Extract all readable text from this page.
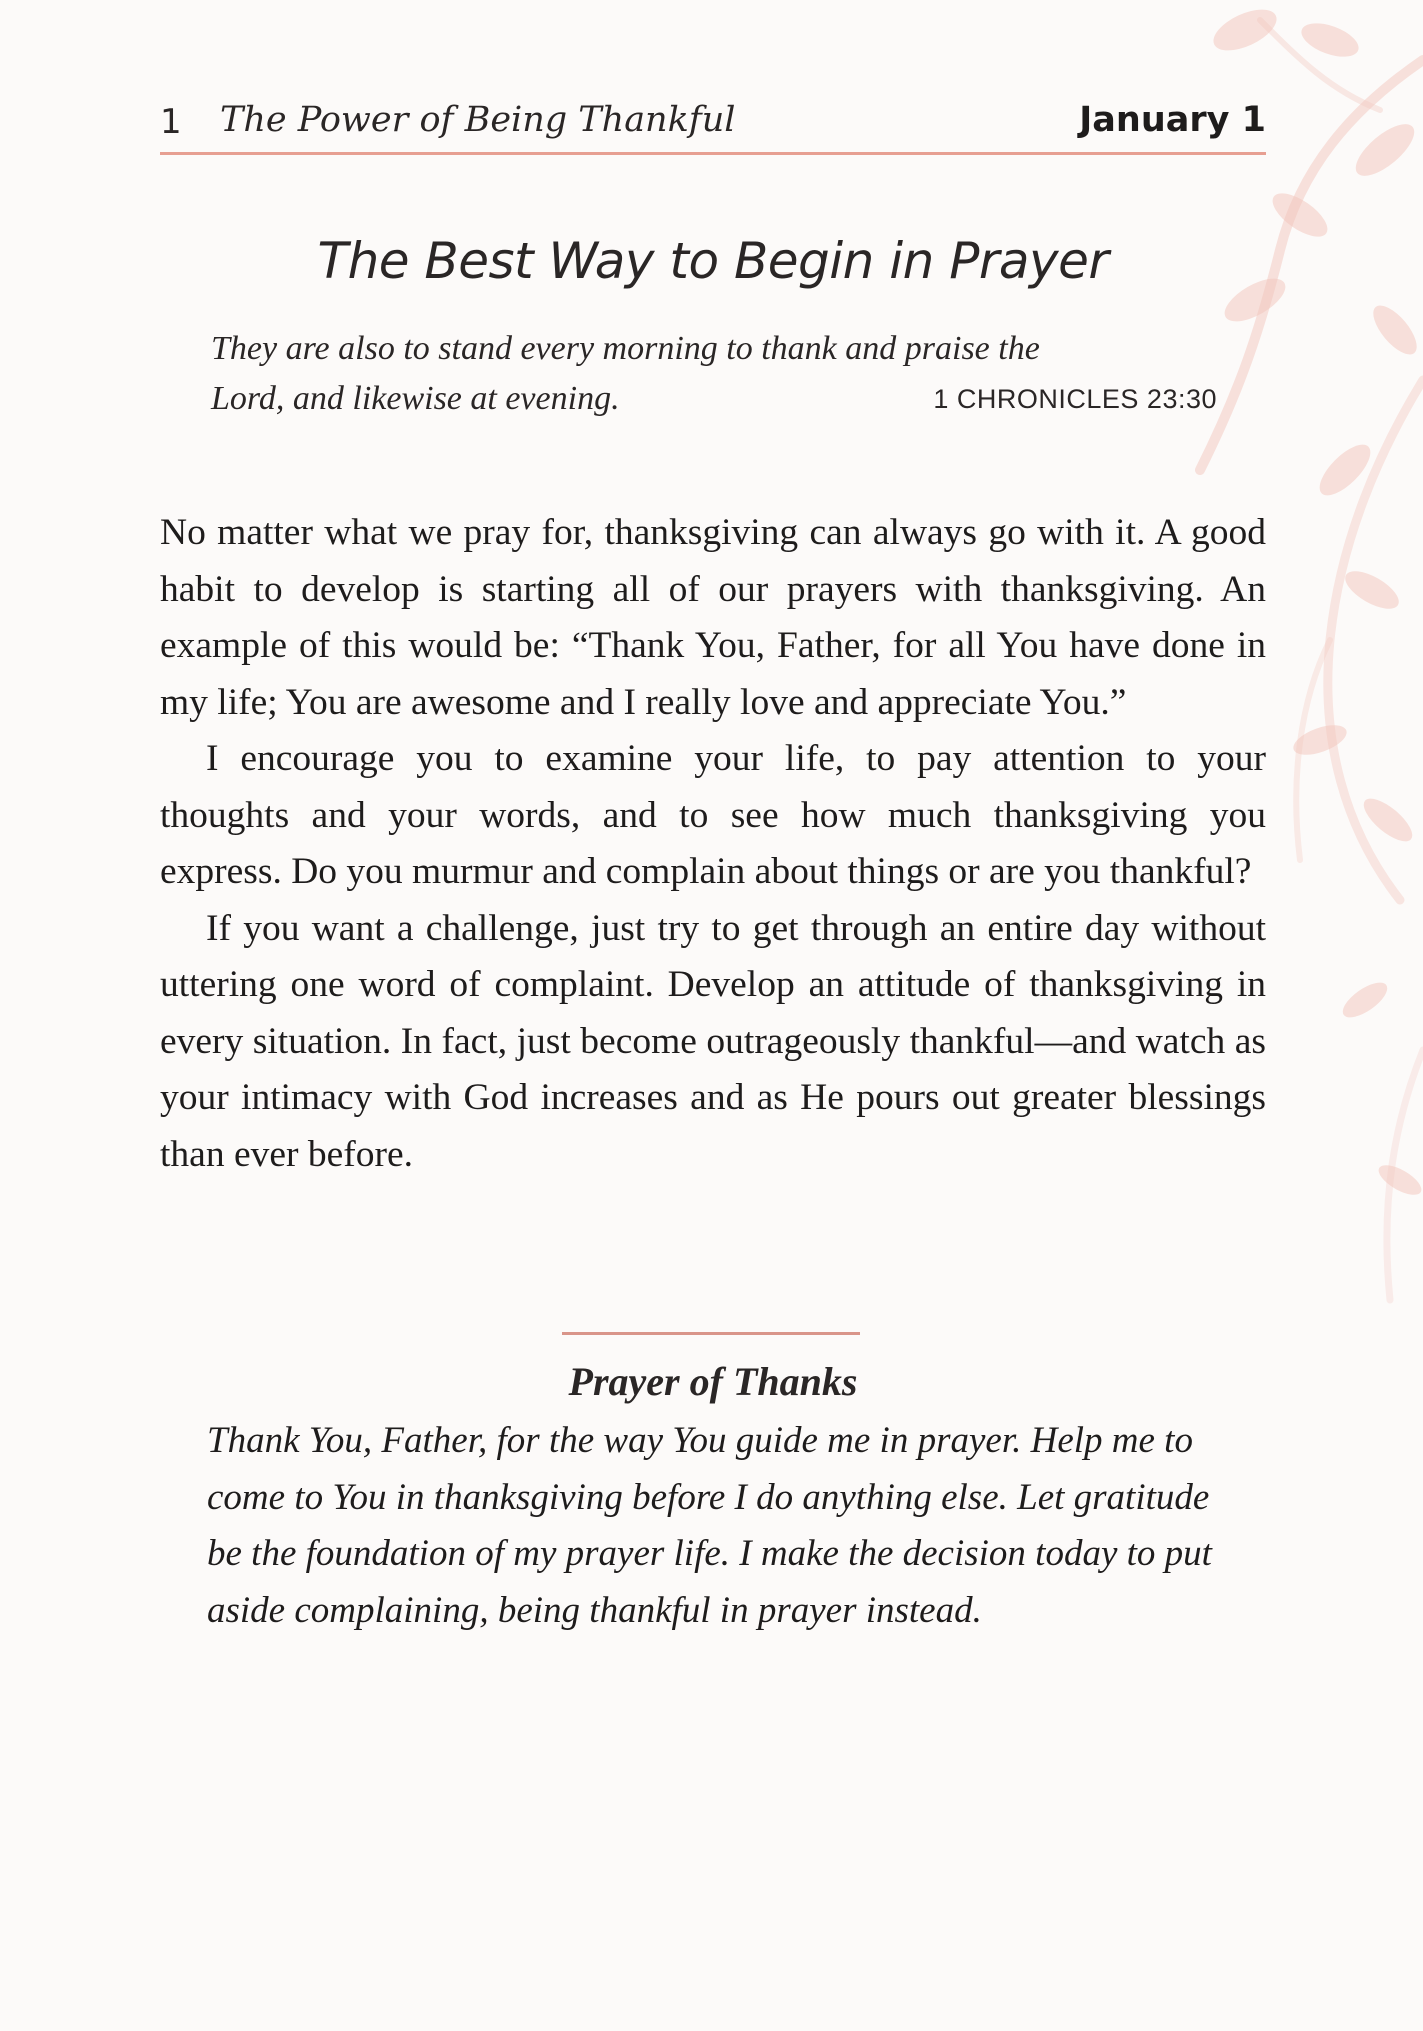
1 The Power of Being Thankful	January 1
The Best Way to Begin in Prayer
They are also to stand every morning to thank and praise the
Lord, and likewise at evening.	1 CHRONICLES 23:30

No matter what we pray for, thanksgiving can always go with it. A good habit to develop is starting all of our prayers with thanksgiving. An example of this would be: “Thank You, Father, for all You have done in my life; You are awesome and I really love and appreciate You.”

I encourage you to examine your life, to pay attention to your thoughts and your words, and to see how much thanksgiving you express. Do you murmur and complain about things or are you thankful?

If you want a challenge, just try to get through an entire day without uttering one word of complaint. Develop an attitude of thanksgiving in every situation. In fact, just become outrageously thankful—and watch as your intimacy with God increases and as He pours out greater blessings than ever before.

Prayer of Thanks

Thank You, Father, for the way You guide me in prayer. Help me to come to You in thanksgiving before I do anything else. Let gratitude be the foundation of my prayer life. I make the decision today to put aside complaining, being thankful in prayer instead.
